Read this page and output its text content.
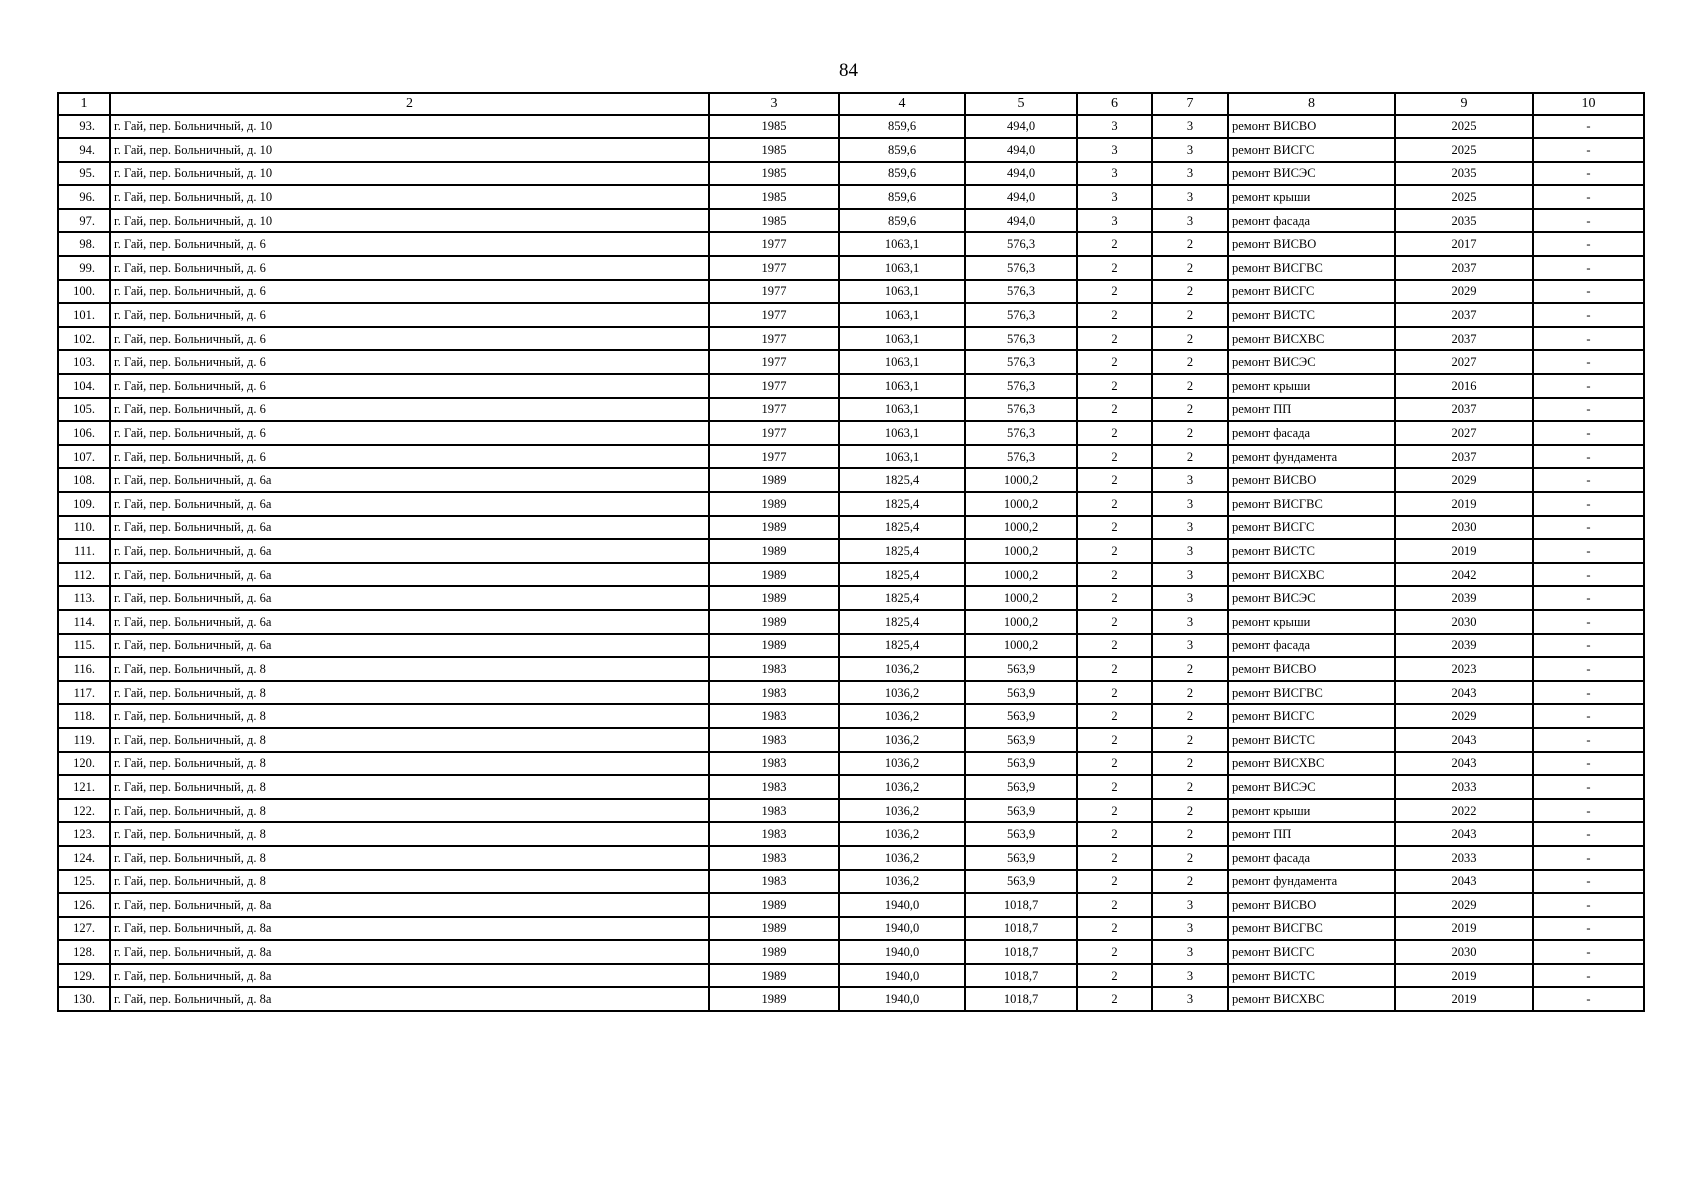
84
1	2	3	4	5	6	7	8	9	10
93.	г. Гай, пер. Больничный, д. 10	1985	859,6	494,0	3	3	ремонт ВИСВО	2025	-
94.	г. Гай, пер. Больничный, д. 10	1985	859,6	494,0	3	3	ремонт ВИСГС	2025	-
95.	г. Гай, пер. Больничный, д. 10	1985	859,6	494,0	3	3	ремонт ВИСЭС	2035	-
96.	г. Гай, пер. Больничный, д. 10	1985	859,6	494,0	3	3	ремонт крыши	2025	-
97.	г. Гай, пер. Больничный, д. 10	1985	859,6	494,0	3	3	ремонт фасада	2035	-
98.	г. Гай, пер. Больничный, д. 6	1977	1063,1	576,3	2	2	ремонт ВИСВО	2017	-
99.	г. Гай, пер. Больничный, д. 6	1977	1063,1	576,3	2	2	ремонт ВИСГВС	2037	-
100.	г. Гай, пер. Больничный, д. 6	1977	1063,1	576,3	2	2	ремонт ВИСГС	2029	-
101.	г. Гай, пер. Больничный, д. 6	1977	1063,1	576,3	2	2	ремонт ВИСТС	2037	-
102.	г. Гай, пер. Больничный, д. 6	1977	1063,1	576,3	2	2	ремонт ВИСХВС	2037	-
103.	г. Гай, пер. Больничный, д. 6	1977	1063,1	576,3	2	2	ремонт ВИСЭС	2027	-
104.	г. Гай, пер. Больничный, д. 6	1977	1063,1	576,3	2	2	ремонт крыши	2016	-
105.	г. Гай, пер. Больничный, д. 6	1977	1063,1	576,3	2	2	ремонт ПП	2037	-
106.	г. Гай, пер. Больничный, д. 6	1977	1063,1	576,3	2	2	ремонт фасада	2027	-
107.	г. Гай, пер. Больничный, д. 6	1977	1063,1	576,3	2	2	ремонт фундамента	2037	-
108.	г. Гай, пер. Больничный, д. 6а	1989	1825,4	1000,2	2	3	ремонт ВИСВО	2029	-
109.	г. Гай, пер. Больничный, д. 6а	1989	1825,4	1000,2	2	3	ремонт ВИСГВС	2019	-
110.	г. Гай, пер. Больничный, д. 6а	1989	1825,4	1000,2	2	3	ремонт ВИСГС	2030	-
111.	г. Гай, пер. Больничный, д. 6а	1989	1825,4	1000,2	2	3	ремонт ВИСТС	2019	-
112.	г. Гай, пер. Больничный, д. 6а	1989	1825,4	1000,2	2	3	ремонт ВИСХВС	2042	-
113.	г. Гай, пер. Больничный, д. 6а	1989	1825,4	1000,2	2	3	ремонт ВИСЭС	2039	-
114.	г. Гай, пер. Больничный, д. 6а	1989	1825,4	1000,2	2	3	ремонт крыши	2030	-
115.	г. Гай, пер. Больничный, д. 6а	1989	1825,4	1000,2	2	3	ремонт фасада	2039	-
116.	г. Гай, пер. Больничный, д. 8	1983	1036,2	563,9	2	2	ремонт ВИСВО	2023	-
117.	г. Гай, пер. Больничный, д. 8	1983	1036,2	563,9	2	2	ремонт ВИСГВС	2043	-
118.	г. Гай, пер. Больничный, д. 8	1983	1036,2	563,9	2	2	ремонт ВИСГС	2029	-
119.	г. Гай, пер. Больничный, д. 8	1983	1036,2	563,9	2	2	ремонт ВИСТС	2043	-
120.	г. Гай, пер. Больничный, д. 8	1983	1036,2	563,9	2	2	ремонт ВИСХВС	2043	-
121.	г. Гай, пер. Больничный, д. 8	1983	1036,2	563,9	2	2	ремонт ВИСЭС	2033	-
122.	г. Гай, пер. Больничный, д. 8	1983	1036,2	563,9	2	2	ремонт крыши	2022	-
123.	г. Гай, пер. Больничный, д. 8	1983	1036,2	563,9	2	2	ремонт ПП	2043	-
124.	г. Гай, пер. Больничный, д. 8	1983	1036,2	563,9	2	2	ремонт фасада	2033	-
125.	г. Гай, пер. Больничный, д. 8	1983	1036,2	563,9	2	2	ремонт фундамента	2043	-
126.	г. Гай, пер. Больничный, д. 8а	1989	1940,0	1018,7	2	3	ремонт ВИСВО	2029	-
127.	г. Гай, пер. Больничный, д. 8а	1989	1940,0	1018,7	2	3	ремонт ВИСГВС	2019	-
128.	г. Гай, пер. Больничный, д. 8а	1989	1940,0	1018,7	2	3	ремонт ВИСГС	2030	-
129.	г. Гай, пер. Больничный, д. 8а	1989	1940,0	1018,7	2	3	ремонт ВИСТС	2019	-
130.	г. Гай, пер. Больничный, д. 8а	1989	1940,0	1018,7	2	3	ремонт ВИСХВС	2019	-
